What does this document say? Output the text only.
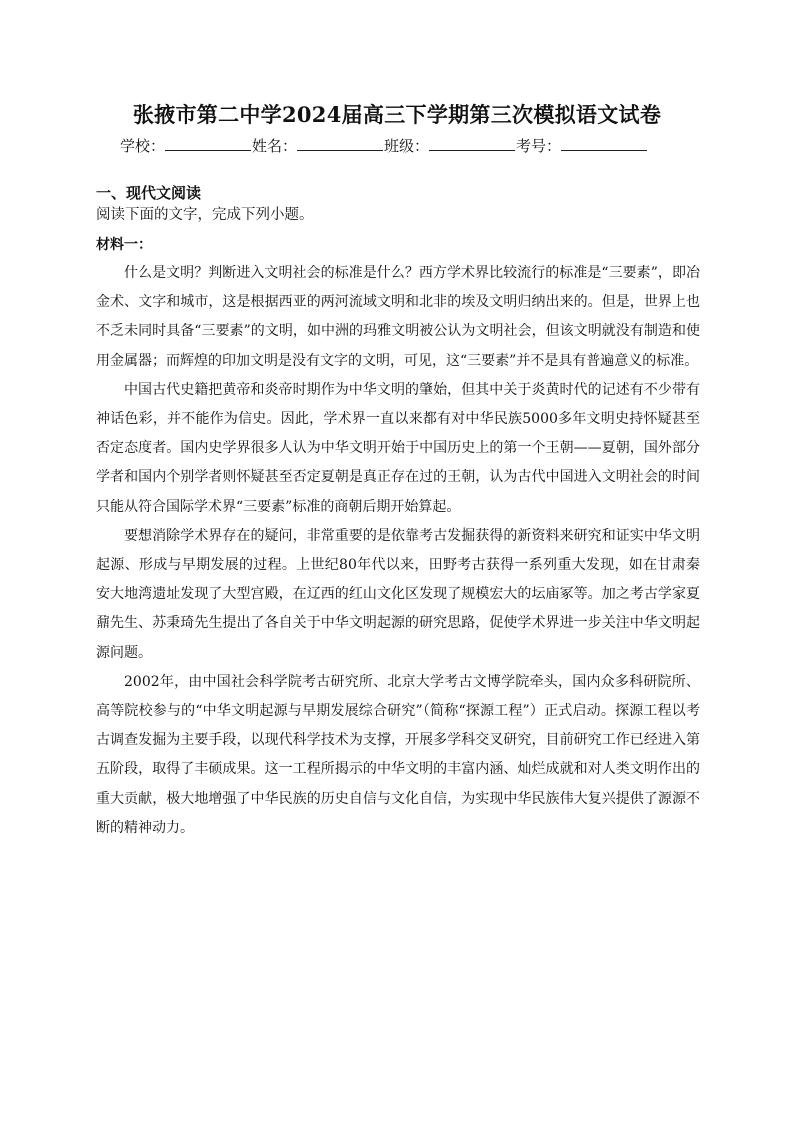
张掖市第二中学2024届高三下学期第三次模拟语文试卷
学校：	姓名：	班级：	考号：
一、现代文阅读
阅读下面的文字，完成下列小题。
材料一：

什么是文明？判断进入文明社会的标准是什么？西方学术界比较流行的标准是“三要素”，即冶金术、文字和城市，这是根据西亚的两河流域文明和北非的埃及文明归纳出来的。但是，世界上也不乏未同时具备“三要素”的文明，如中洲的玛雅文明被公认为文明社会，但该文明就没有制造和使用金属器；而辉煌的印加文明是没有文字的文明，可见，这“三要素”并不是具有普遍意义的标准。

中国古代史籍把黄帝和炎帝时期作为中华文明的肇始，但其中关于炎黄时代的记述有不少带有神话色彩，并不能作为信史。因此，学术界一直以来都有对中华民族5000多年文明史持怀疑甚至否定态度者。国内史学界很多人认为中华文明开始于中国历史上的第一个王朝——夏朝，国外部分学者和国内个别学者则怀疑甚至否定夏朝是真正存在过的王朝，认为古代中国进入文明社会的时间只能从符合国际学术界“三要素”标准的商朝后期开始算起。

要想消除学术界存在的疑问，非常重要的是依靠考古发掘获得的新资料来研究和证实中华文明起源、形成与早期发展的过程。上世纪80年代以来，田野考古获得一系列重大发现，如在甘肃秦安大地湾遗址发现了大型宫殿，在辽西的红山文化区发现了规模宏大的坛庙冢等。加之考古学家夏鼐先生、苏秉琦先生提出了各自关于中华文明起源的研究思路，促使学术界进一步关注中华文明起源问题。

2002年，由中国社会科学院考古研究所、北京大学考古文博学院牵头，国内众多科研院所、高等院校参与的“中华文明起源与早期发展综合研究”（简称“探源工程”）正式启动。探源工程以考古调查发掘为主要手段，以现代科学技术为支撑，开展多学科交叉研究，目前研究工作已经进入第五阶段，取得了丰硕成果。这一工程所揭示的中华文明的丰富内涵、灿烂成就和对人类文明作出的重大贡献，极大地增强了中华民族的历史自信与文化自信，为实现中华民族伟大复兴提供了源源不断的精神动力。
